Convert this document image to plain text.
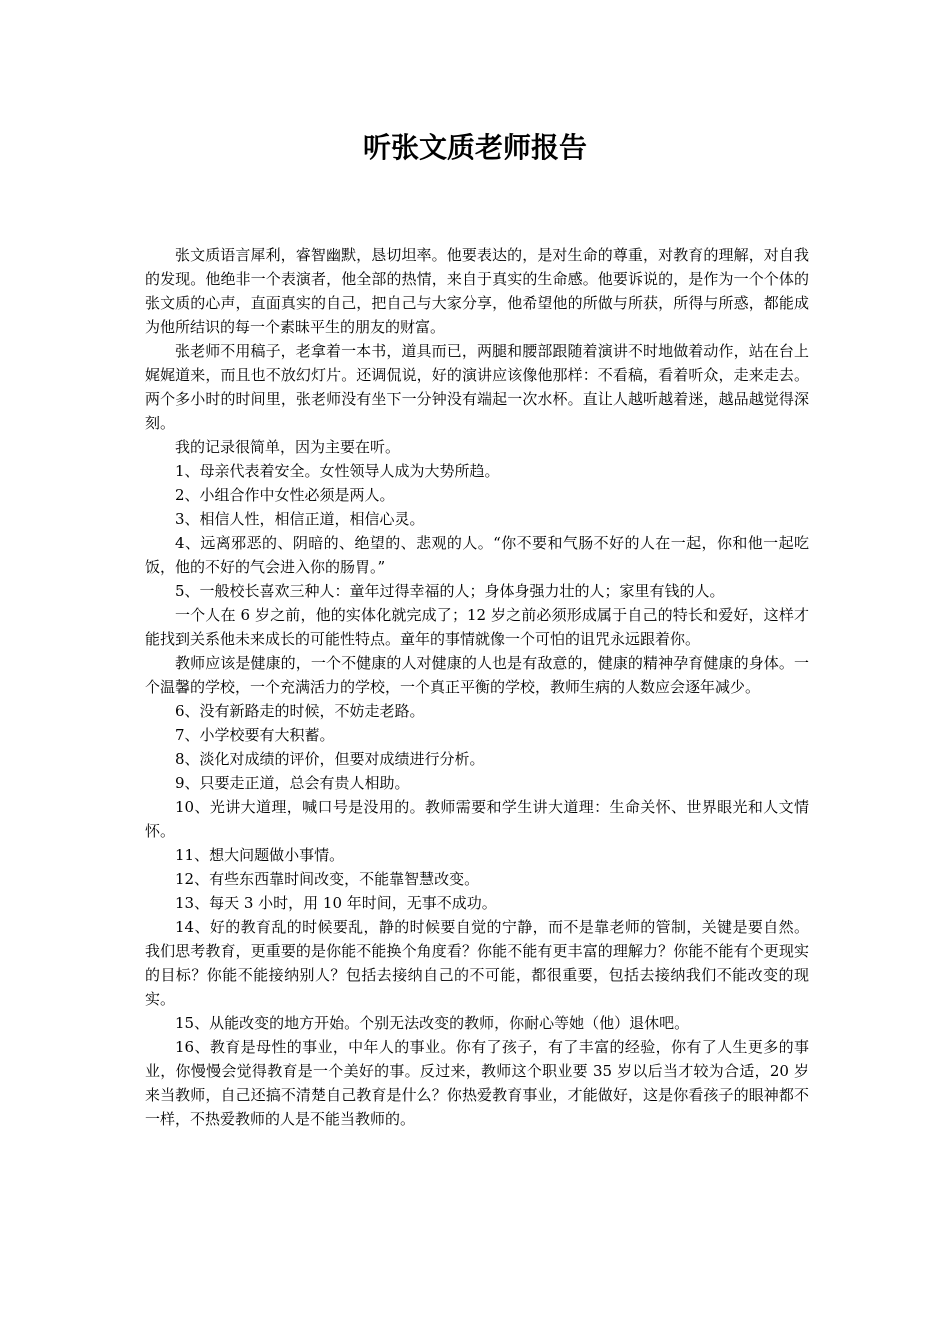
听张文质老师报告

张文质语言犀利，睿智幽默，恳切坦率。他要表达的，是对生命的尊重，对教育的理解，对自我的发现。他绝非一个表演者，他全部的热情，来自于真实的生命感。他要诉说的，是作为一个个体的张文质的心声，直面真实的自己，把自己与大家分享，他希望他的所做与所获，所得与所惑，都能成为他所结识的每一个素昧平生的朋友的财富。

张老师不用稿子，老拿着一本书，道具而已，两腿和腰部跟随着演讲不时地做着动作，站在台上娓娓道来，而且也不放幻灯片。还调侃说，好的演讲应该像他那样：不看稿，看着听众，走来走去。两个多小时的时间里，张老师没有坐下一分钟没有端起一次水杯。直让人越听越着迷，越品越觉得深刻。

我的记录很简单，因为主要在听。

1、母亲代表着安全。女性领导人成为大势所趋。

2、小组合作中女性必须是两人。

3、相信人性，相信正道，相信心灵。

4、远离邪恶的、阴暗的、绝望的、悲观的人。“你不要和气肠不好的人在一起，你和他一起吃饭，他的不好的气会进入你的肠胃。”

5、一般校长喜欢三种人：童年过得幸福的人；身体身强力壮的人；家里有钱的人。

一个人在 6 岁之前，他的实体化就完成了；12 岁之前必须形成属于自己的特长和爱好，这样才能找到关系他未来成长的可能性特点。童年的事情就像一个可怕的诅咒永远跟着你。

教师应该是健康的，一个不健康的人对健康的人也是有敌意的，健康的精神孕育健康的身体。一个温馨的学校，一个充满活力的学校，一个真正平衡的学校，教师生病的人数应会逐年减少。

6、没有新路走的时候，不妨走老路。

7、小学校要有大积蓄。

8、淡化对成绩的评价，但要对成绩进行分析。

9、只要走正道，总会有贵人相助。

10、光讲大道理，喊口号是没用的。教师需要和学生讲大道理：生命关怀、世界眼光和人文情怀。

11、想大问题做小事情。

12、有些东西靠时间改变，不能靠智慧改变。

13、每天 3 小时，用 10 年时间，无事不成功。

14、好的教育乱的时候要乱，静的时候要自觉的宁静，而不是靠老师的管制，关键是要自然。我们思考教育，更重要的是你能不能换个角度看？你能不能有更丰富的理解力？你能不能有个更现实的目标？你能不能接纳别人？包括去接纳自己的不可能，都很重要，包括去接纳我们不能改变的现实。

15、从能改变的地方开始。个别无法改变的教师，你耐心等她（他）退休吧。

16、教育是母性的事业，中年人的事业。你有了孩子，有了丰富的经验，你有了人生更多的事业，你慢慢会觉得教育是一个美好的事。反过来，教师这个职业要 35 岁以后当才较为合适，20 岁来当教师，自己还搞不清楚自己教育是什么？你热爱教育事业，才能做好，这是你看孩子的眼神都不一样，不热爱教师的人是不能当教师的。
